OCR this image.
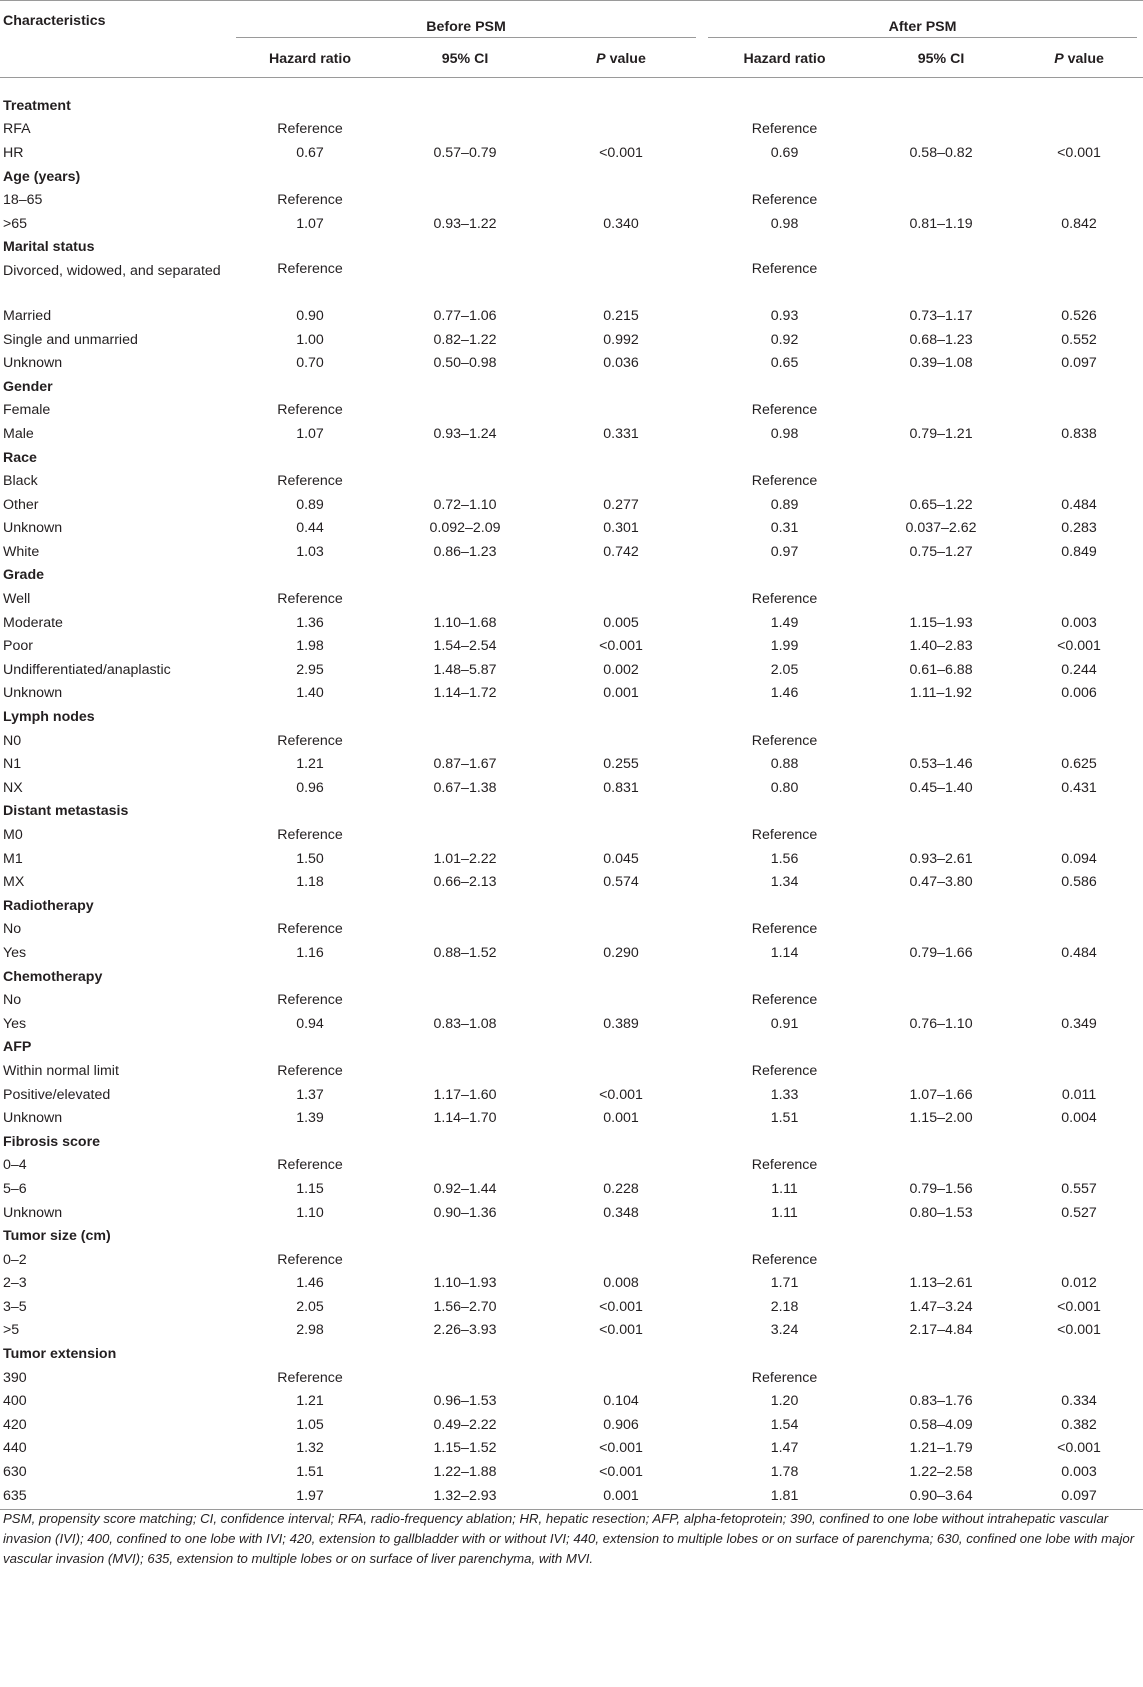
Characteristics	Before PSM			After PSM		

	Hazard ratio	95% CI	P value	Hazard ratio	95% CI	P value

Treatment						
RFA	Reference			Reference		
HR	0.67	0.57–0.79	<0.001	0.69	0.58–0.82	<0.001
Age (years)						
18–65	Reference			Reference		
>65	1.07	0.93–1.22	0.340	0.98	0.81–1.19	0.842
Marital status						
Divorced, widowed, and separated	Reference			Reference		
Married	0.90	0.77–1.06	0.215	0.93	0.73–1.17	0.526
Single and unmarried	1.00	0.82–1.22	0.992	0.92	0.68–1.23	0.552
Unknown	0.70	0.50–0.98	0.036	0.65	0.39–1.08	0.097
Gender						
Female	Reference			Reference		
Male	1.07	0.93–1.24	0.331	0.98	0.79–1.21	0.838
Race						
Black	Reference			Reference		
Other	0.89	0.72–1.10	0.277	0.89	0.65–1.22	0.484
Unknown	0.44	0.092–2.09	0.301	0.31	0.037–2.62	0.283
White	1.03	0.86–1.23	0.742	0.97	0.75–1.27	0.849
Grade						
Well	Reference			Reference		
Moderate	1.36	1.10–1.68	0.005	1.49	1.15–1.93	0.003
Poor	1.98	1.54–2.54	<0.001	1.99	1.40–2.83	<0.001
Undifferentiated/anaplastic	2.95	1.48–5.87	0.002	2.05	0.61–6.88	0.244
Unknown	1.40	1.14–1.72	0.001	1.46	1.11–1.92	0.006
Lymph nodes						
N0	Reference			Reference		
N1	1.21	0.87–1.67	0.255	0.88	0.53–1.46	0.625
NX	0.96	0.67–1.38	0.831	0.80	0.45–1.40	0.431
Distant metastasis						
M0	Reference			Reference		
M1	1.50	1.01–2.22	0.045	1.56	0.93–2.61	0.094
MX	1.18	0.66–2.13	0.574	1.34	0.47–3.80	0.586
Radiotherapy						
No	Reference			Reference		
Yes	1.16	0.88–1.52	0.290	1.14	0.79–1.66	0.484
Chemotherapy						
No	Reference			Reference		
Yes	0.94	0.83–1.08	0.389	0.91	0.76–1.10	0.349
AFP						
Within normal limit	Reference			Reference		
Positive/elevated	1.37	1.17–1.60	<0.001	1.33	1.07–1.66	0.011
Unknown	1.39	1.14–1.70	0.001	1.51	1.15–2.00	0.004
Fibrosis score						
0–4	Reference			Reference		
5–6	1.15	0.92–1.44	0.228	1.11	0.79–1.56	0.557
Unknown	1.10	0.90–1.36	0.348	1.11	0.80–1.53	0.527
Tumor size (cm)						
0–2	Reference			Reference		
2–3	1.46	1.10–1.93	0.008	1.71	1.13–2.61	0.012
3–5	2.05	1.56–2.70	<0.001	2.18	1.47–3.24	<0.001
>5	2.98	2.26–3.93	<0.001	3.24	2.17–4.84	<0.001
Tumor extension						
390	Reference			Reference		
400	1.21	0.96–1.53	0.104	1.20	0.83–1.76	0.334
420	1.05	0.49–2.22	0.906	1.54	0.58–4.09	0.382
440	1.32	1.15–1.52	<0.001	1.47	1.21–1.79	<0.001
630	1.51	1.22–1.88	<0.001	1.78	1.22–2.58	0.003
635	1.97	1.32–2.93	0.001	1.81	0.90–3.64	0.097
PSM, propensity score matching; CI, confidence interval; RFA, radio-frequency ablation; HR, hepatic resection; AFP, alpha-fetoprotein; 390, confined to one lobe without intrahepatic vascular invasion (IVI); 400, confined to one lobe with IVI; 420, extension to gallbladder with or without IVI; 440, extension to multiple lobes or on surface of parenchyma; 630, confined one lobe with major vascular invasion (MVI); 635, extension to multiple lobes or on surface of liver parenchyma, with MVI.
